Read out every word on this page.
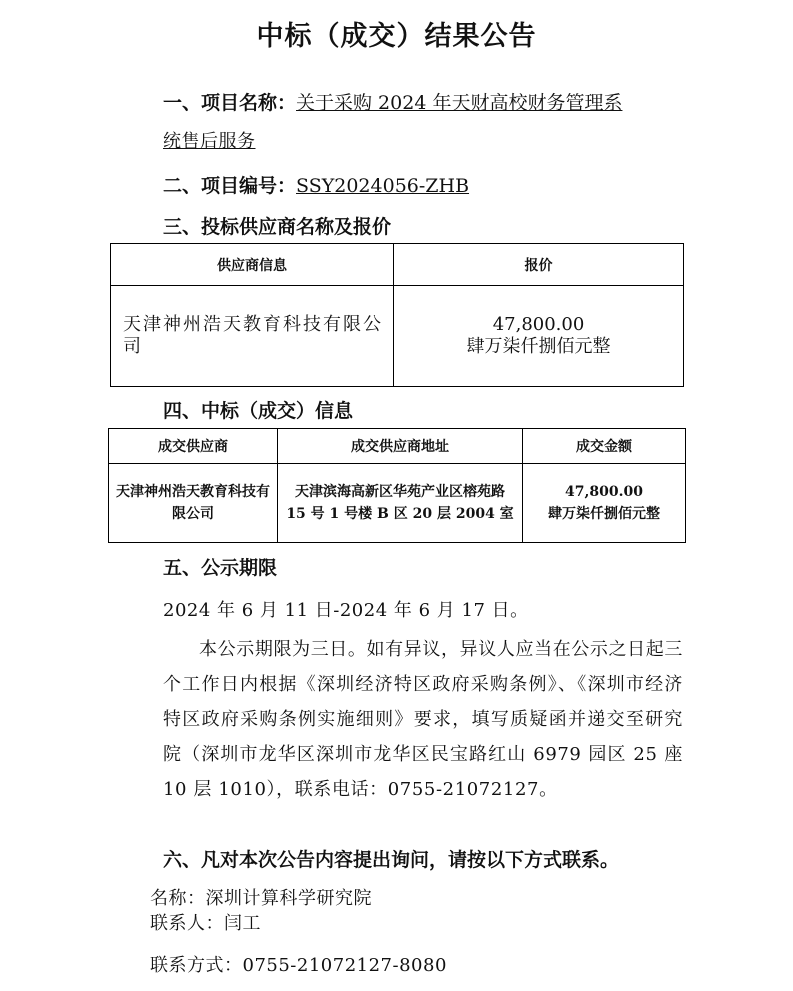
中标（成交）结果公告
一、项目名称：关于采购 2024 年天财高校财务管理系
统售后服务
二、项目编号：SSY2024056-ZHB
三、投标供应商名称及报价
供应商信息	报价
天津神州浩天教育科技有限公司	47,800.00
肆万柒仟捌佰元整
四、中标（成交）信息
成交供应商	成交供应商地址	成交金额
天津神州浩天教育科技有限公司	天津滨海高新区华苑产业区榕苑路 15 号 1 号楼 B 区 20 层 2004 室	47,800.00
肆万柒仟捌佰元整
五、公示期限
2024 年 6 月 11 日-2024 年 6 月 17 日。
本公示期限为三日。如有异议，异议人应当在公示之日起三个工作日内根据《深圳经济特区政府采购条例》、《深圳市经济特区政府采购条例实施细则》要求，填写质疑函并递交至研究院（深圳市龙华区深圳市龙华区民宝路红山 6979 园区 25 座 10 层 1010），联系电话：0755-21072127。
六、凡对本次公告内容提出询问，请按以下方式联系。
名称：深圳计算科学研究院
联系人：闫工
联系方式：0755-21072127-8080
